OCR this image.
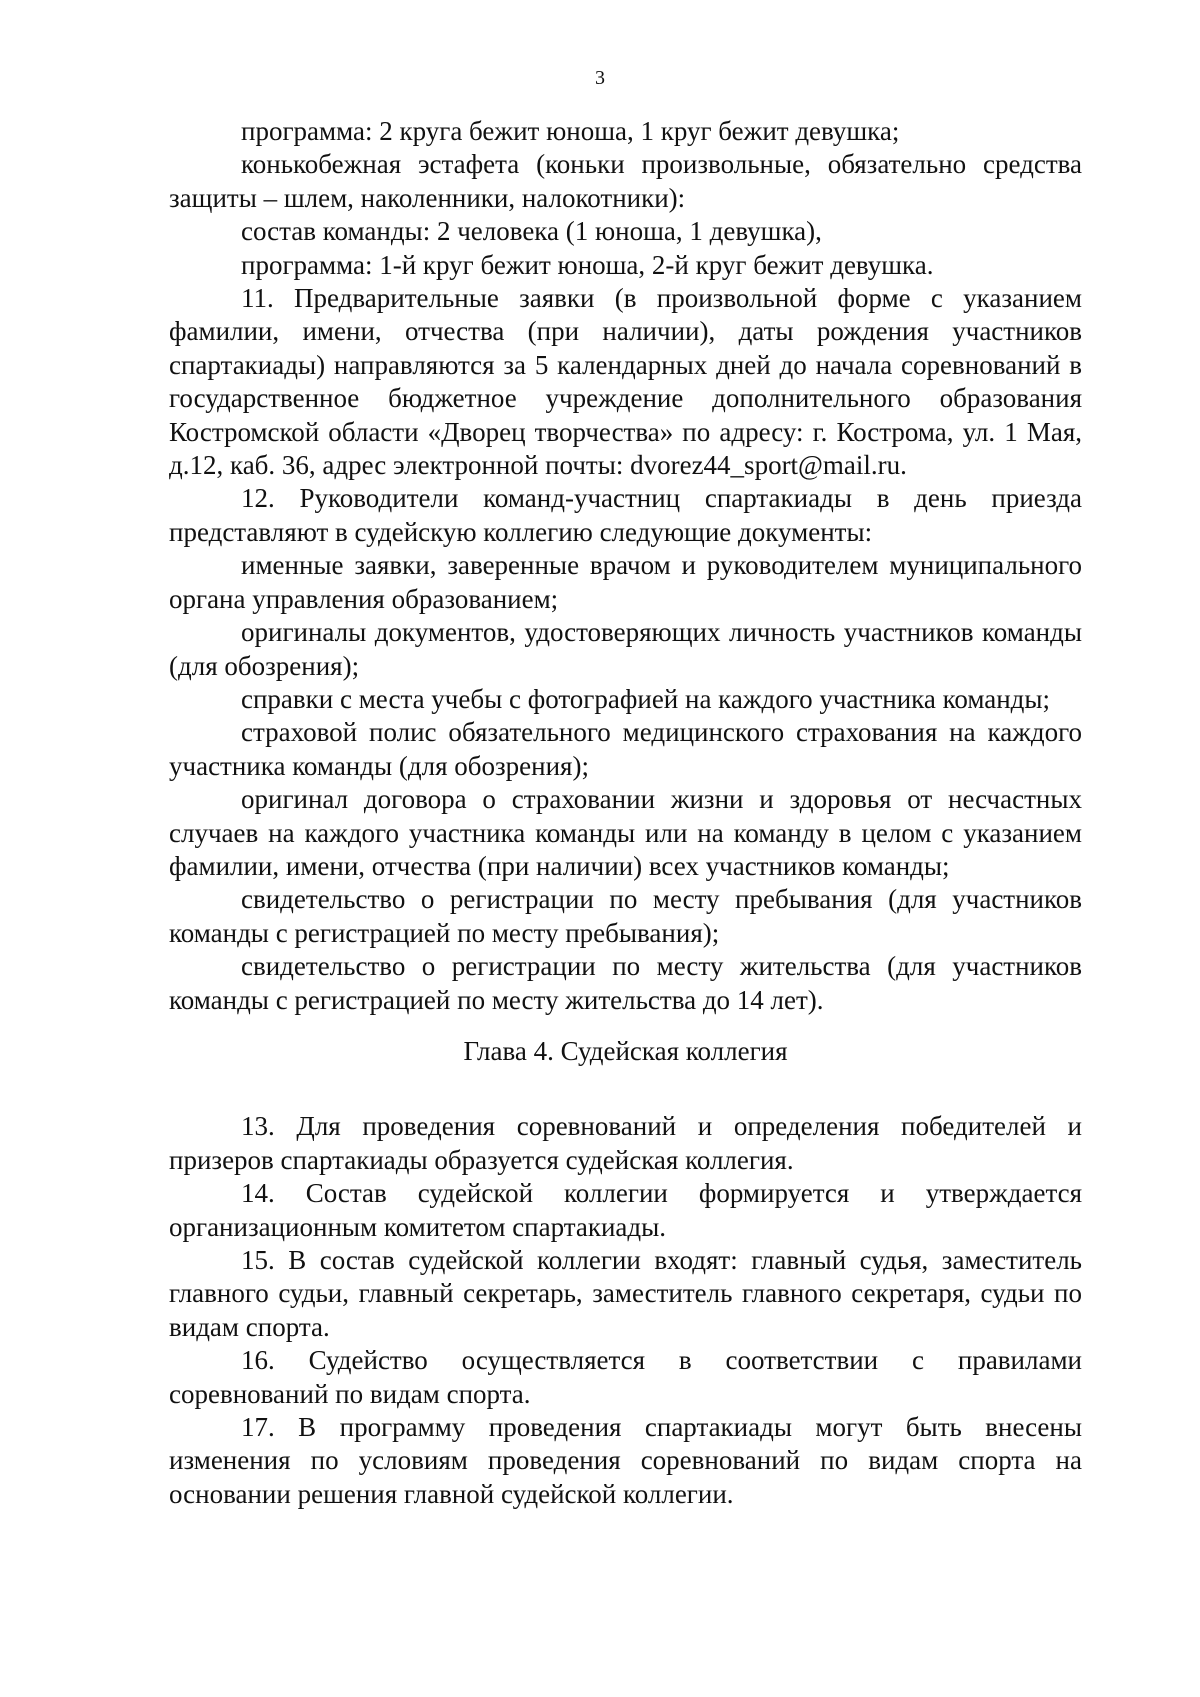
3

программа: 2 круга бежит юноша, 1 круг бежит девушка;

конькобежная эстафета (коньки произвольные, обязательно средства защиты – шлем, наколенники, налокотники):

состав команды: 2 человека (1 юноша, 1 девушка),

программа: 1-й круг бежит юноша, 2-й круг бежит девушка.

11. Предварительные заявки (в произвольной форме с указанием фамилии, имени, отчества (при наличии), даты рождения участников спартакиады) направляются за 5 календарных дней до начала соревнований в государственное бюджетное учреждение дополнительного образования Костромской области «Дворец творчества» по адресу: г. Кострома, ул. 1 Мая, д.12, каб. 36, адрес электронной почты: dvorez44_sport@mail.ru.

12. Руководители команд-участниц спартакиады в день приезда представляют в судейскую коллегию следующие документы:

именные заявки, заверенные врачом и руководителем муниципального органа управления образованием;

оригиналы документов, удостоверяющих личность участников команды (для обозрения);

справки с места учебы с фотографией на каждого участника команды;

страховой полис обязательного медицинского страхования на каждого участника команды (для обозрения);

оригинал договора о страховании жизни и здоровья от несчастных случаев на каждого участника команды или на команду в целом с указанием фамилии, имени, отчества (при наличии) всех участников команды;

свидетельство о регистрации по месту пребывания (для участников команды с регистрацией по месту пребывания);

свидетельство о регистрации по месту жительства (для участников команды с регистрацией по месту жительства до 14 лет).

Глава 4. Судейская коллегия

13. Для проведения соревнований и определения победителей и призеров спартакиады образуется судейская коллегия.

14. Состав судейской коллегии формируется и утверждается организационным комитетом спартакиады.

15. В состав судейской коллегии входят: главный судья, заместитель главного судьи, главный секретарь, заместитель главного секретаря, судьи по видам спорта.

16. Судейство осуществляется в соответствии с правилами соревнований по видам спорта.

17. В программу проведения спартакиады могут быть внесены изменения по условиям проведения соревнований по видам спорта на основании решения главной судейской коллегии.
